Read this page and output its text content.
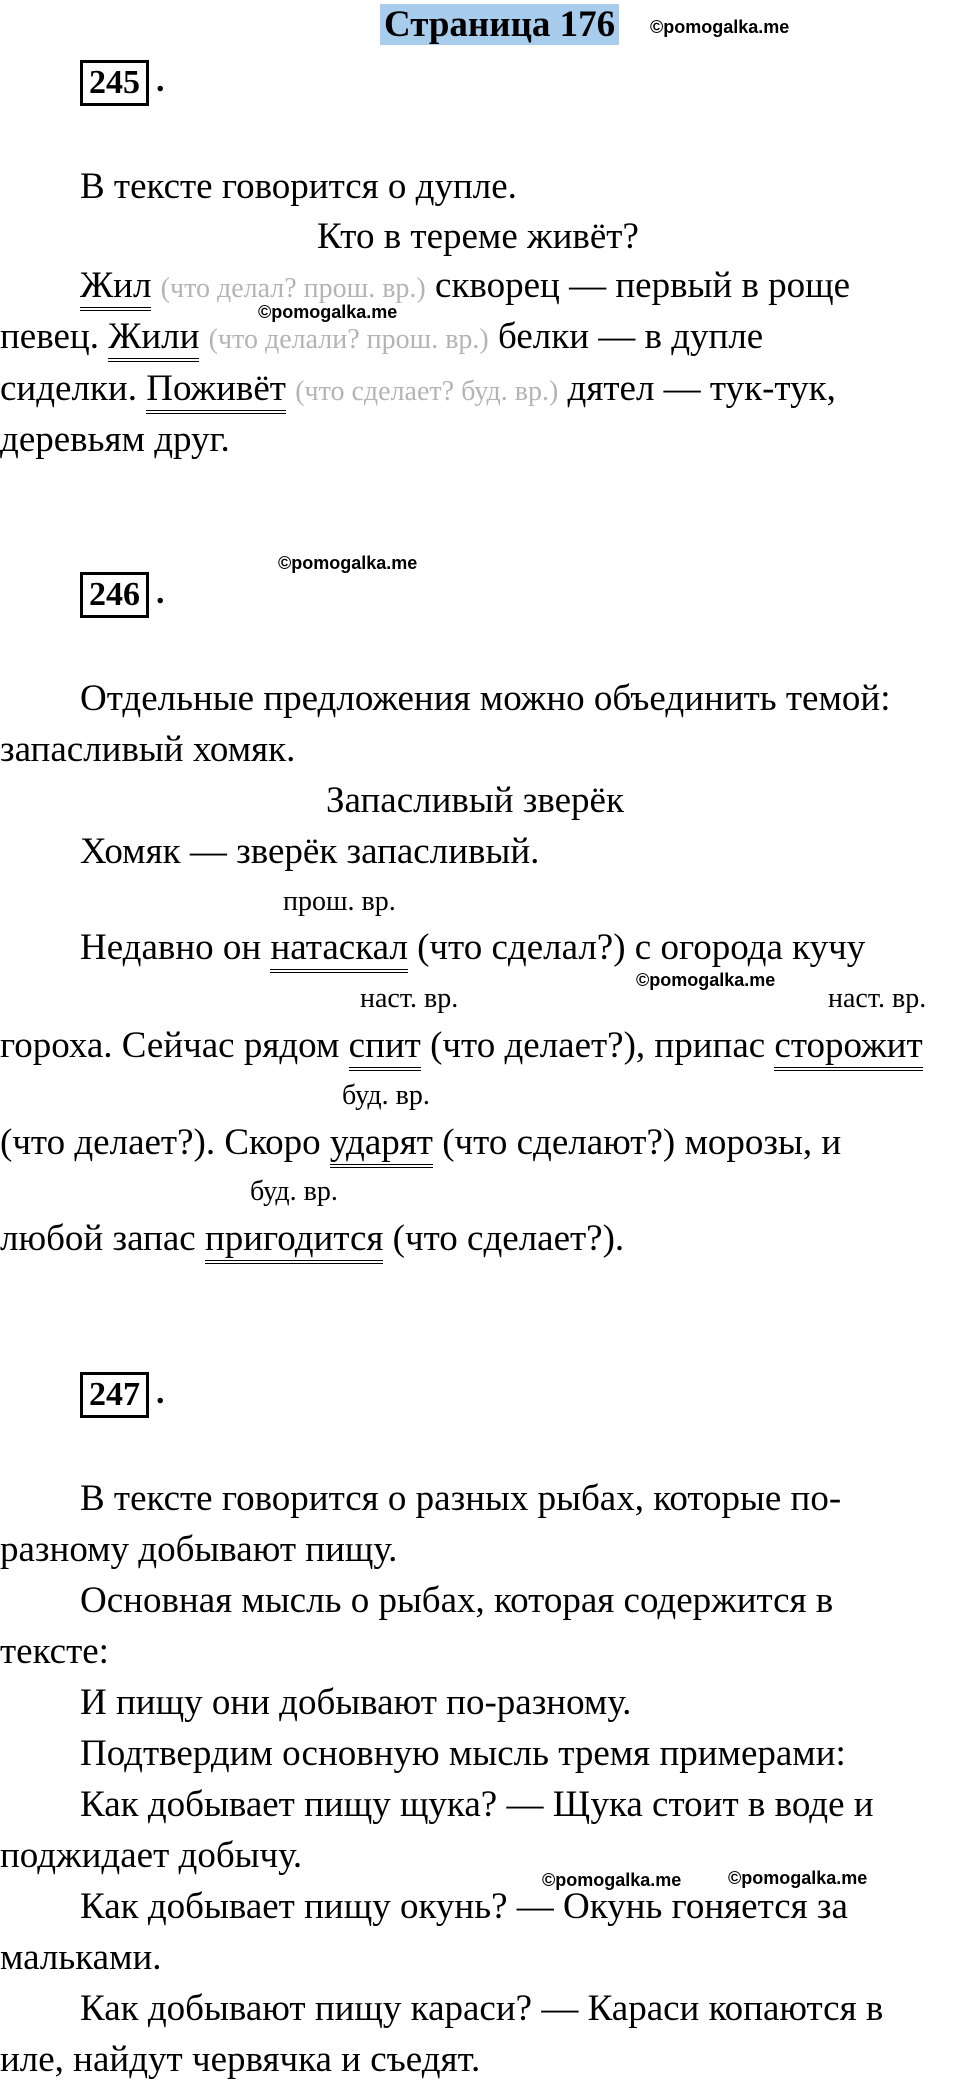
Страница 176 ©pomogalka.me
245 .
В тексте говорится о дупле.
Кто в тереме живёт?
Жил (что делал? прош. вр.) скворец — первый в роще
©pomogalka.me
певец. Жили (что делали? прош. вр.) белки — в дупле
сиделки. Поживёт (что сделает? буд. вр.) дятел — тук-тук,
деревьям друг.
©pomogalka.me
246 .
Отдельные предложения можно объединить темой:
запасливый хомяк.
Запасливый зверёк
Хомяк — зверёк запасливый.
прош. вр.
Недавно он натаскал (что сделал?) с огорода кучу
наст. вр.
©pomogalka.me
наст. вр.
гороха. Сейчас рядом спит (что делает?), припас сторожит
буд. вр.
(что делает?). Скоро ударят (что сделают?) морозы, и
буд. вр.
любой запас пригодится (что сделает?).
247 .
В тексте говорится о разных рыбах, которые по-
разному добывают пищу.
Основная мысль о рыбах, которая содержится в
тексте:
И пищу они добывают по-разному.
Подтвердим основную мысль тремя примерами:
Как добывает пищу щука? — Щука стоит в воде и
поджидает добычу.
©pomogalka.me	©pomogalka.me
Как добывает пищу окунь? — Окунь гоняется за
мальками.
Как добывают пищу караси? — Караси копаются в
иле, найдут червячка и съедят.
